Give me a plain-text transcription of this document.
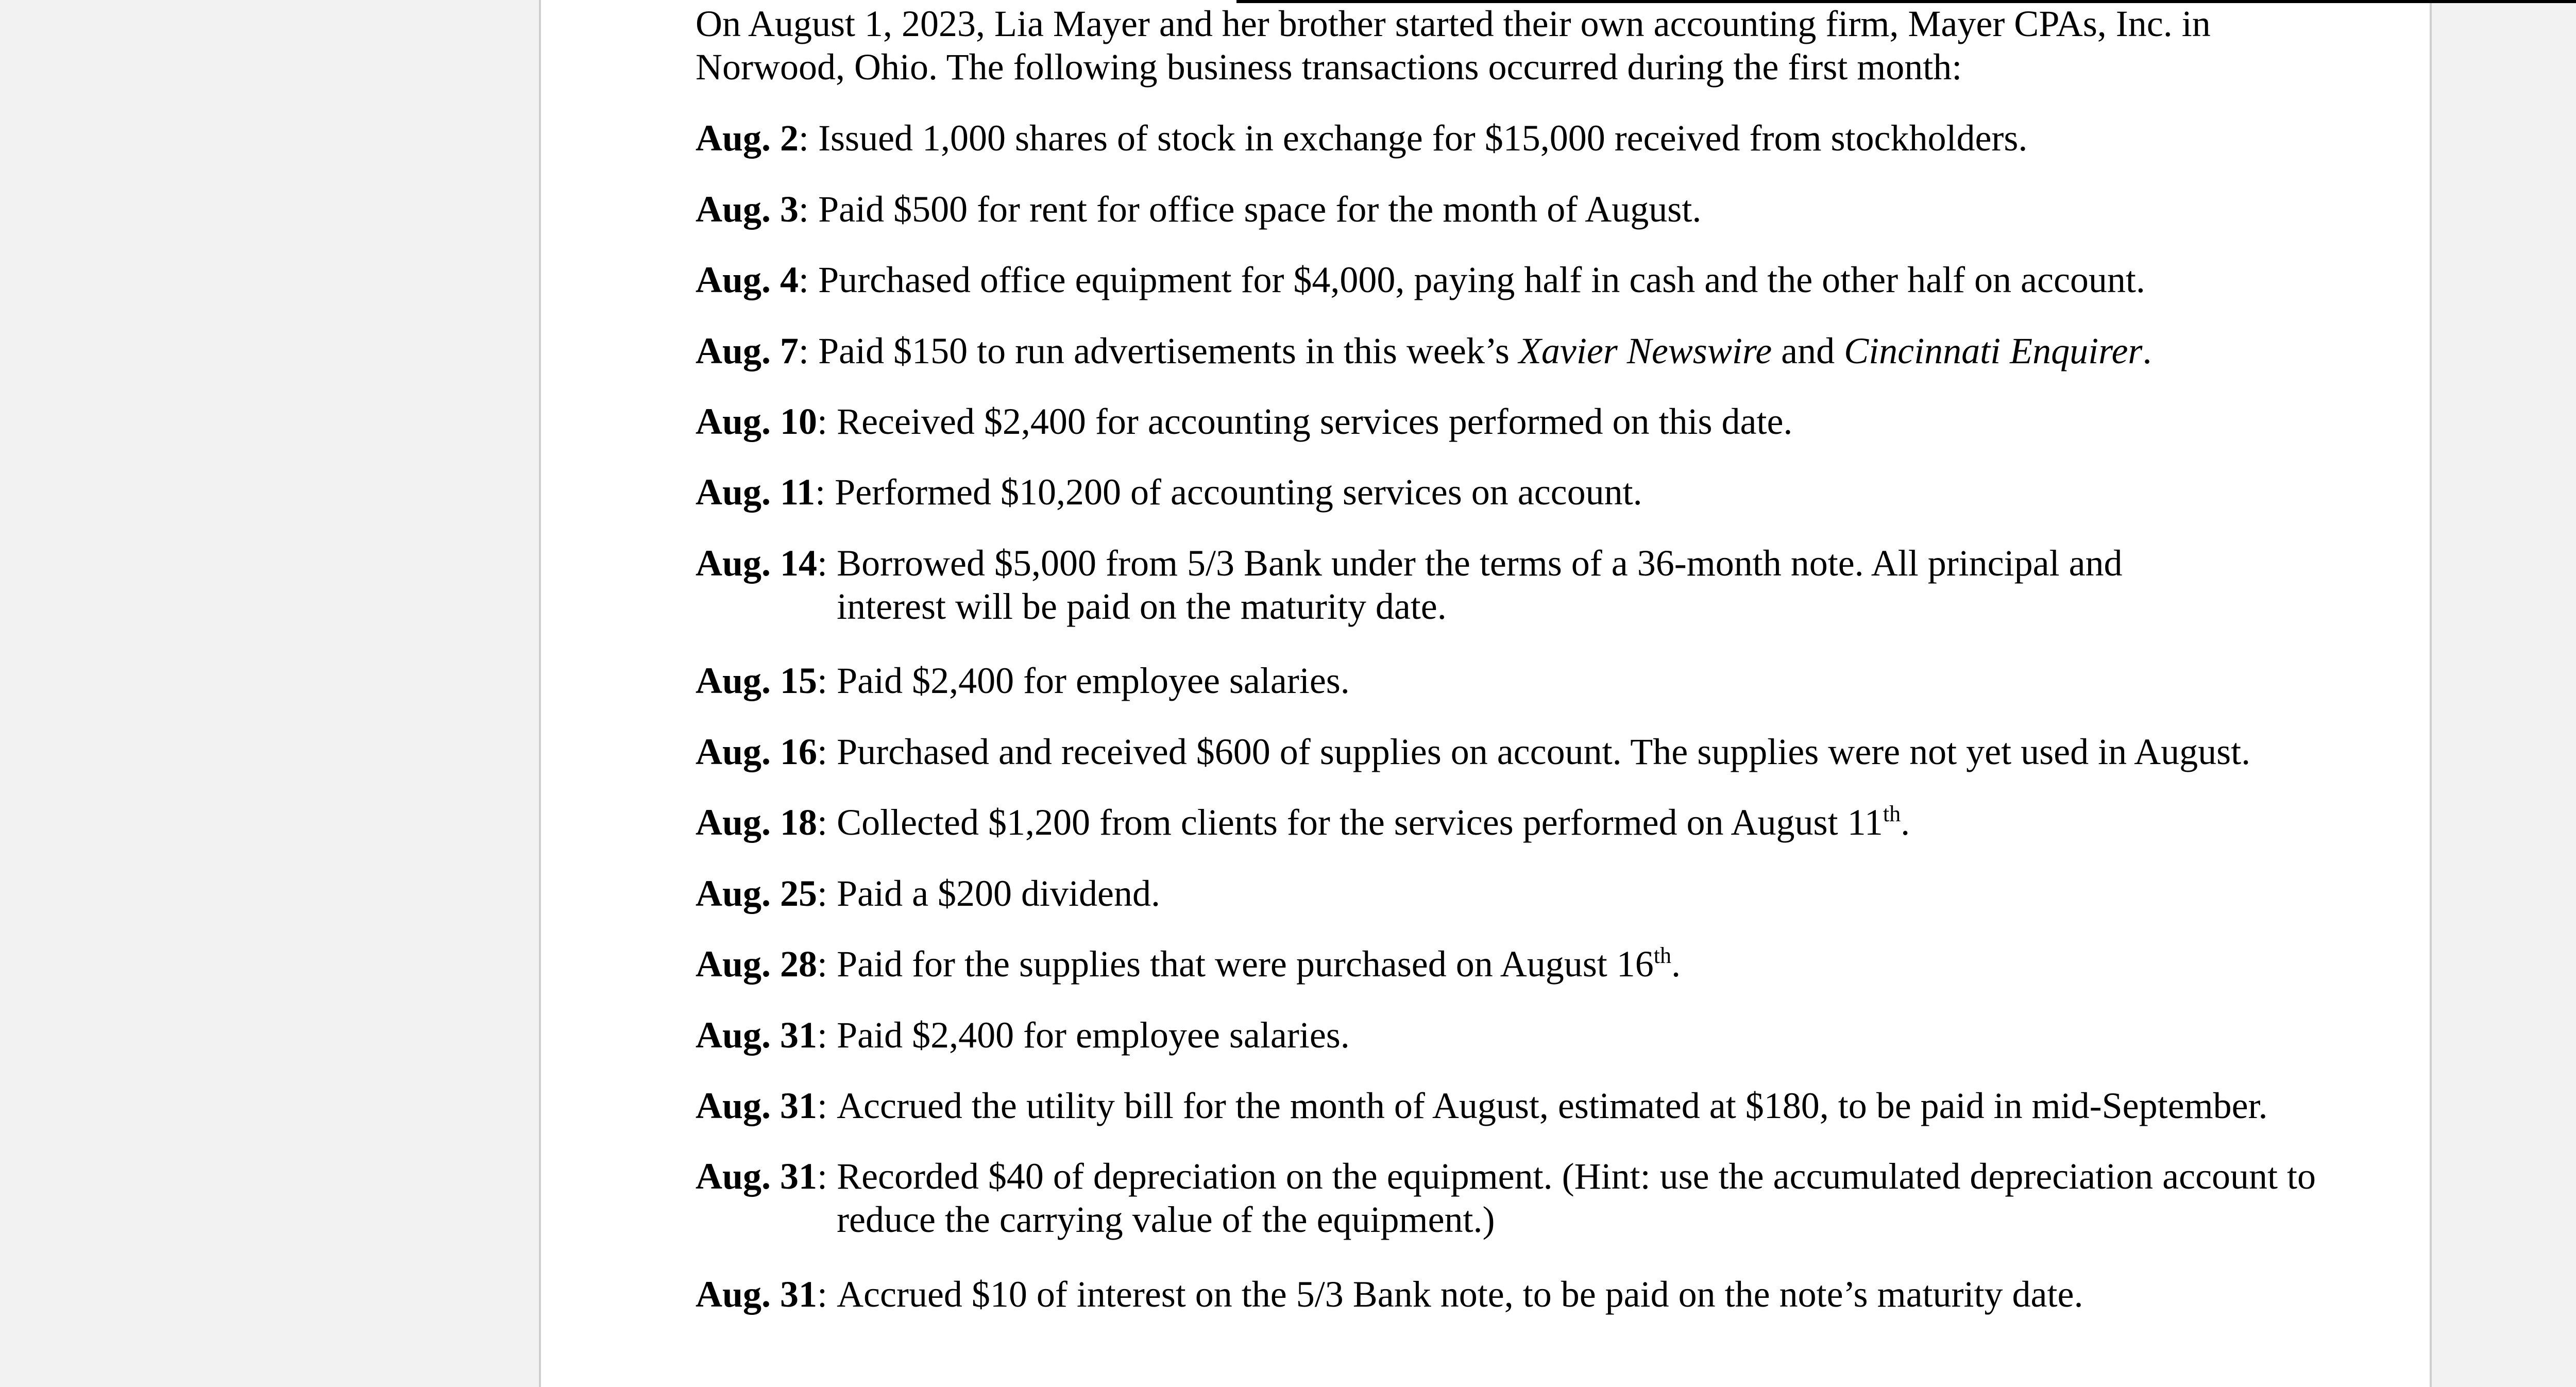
On August 1, 2023, Lia Mayer and her brother started their own accounting firm, Mayer CPAs, Inc. in Norwood, Ohio. The following business transactions occurred during the first month:

Aug. 2 : Issued 1,000 shares of stock in exchange for $15,000 received from stockholders.
Aug. 3 : Paid $500 for rent for office space for the month of August.
Aug. 4 : Purchased office equipment for $4,000, paying half in cash and the other half on account.
Aug. 7 : Paid $150 to run advertisements in this week’s Xavier Newswire and Cincinnati Enquirer.
Aug. 10 : Received $2,400 for accounting services performed on this date.
Aug. 11 : Performed $10,200 of accounting services on account.
Aug. 14 : Borrowed $5,000 from 5/3 Bank under the terms of a 36-month note. All principal and interest will be paid on the maturity date.
Aug. 15 : Paid $2,400 for employee salaries.
Aug. 16 : Purchased and received $600 of supplies on account. The supplies were not yet used in August.
Aug. 18 : Collected $1,200 from clients for the services performed on August 11th.
Aug. 25 : Paid a $200 dividend.
Aug. 28 : Paid for the supplies that were purchased on August 16th.
Aug. 31 : Paid $2,400 for employee salaries.
Aug. 31 : Accrued the utility bill for the month of August, estimated at $180, to be paid in mid-September.
Aug. 31 : Recorded $40 of depreciation on the equipment. (Hint: use the accumulated depreciation account to reduce the carrying value of the equipment.)
Aug. 31 : Accrued $10 of interest on the 5/3 Bank note, to be paid on the note’s maturity date.
